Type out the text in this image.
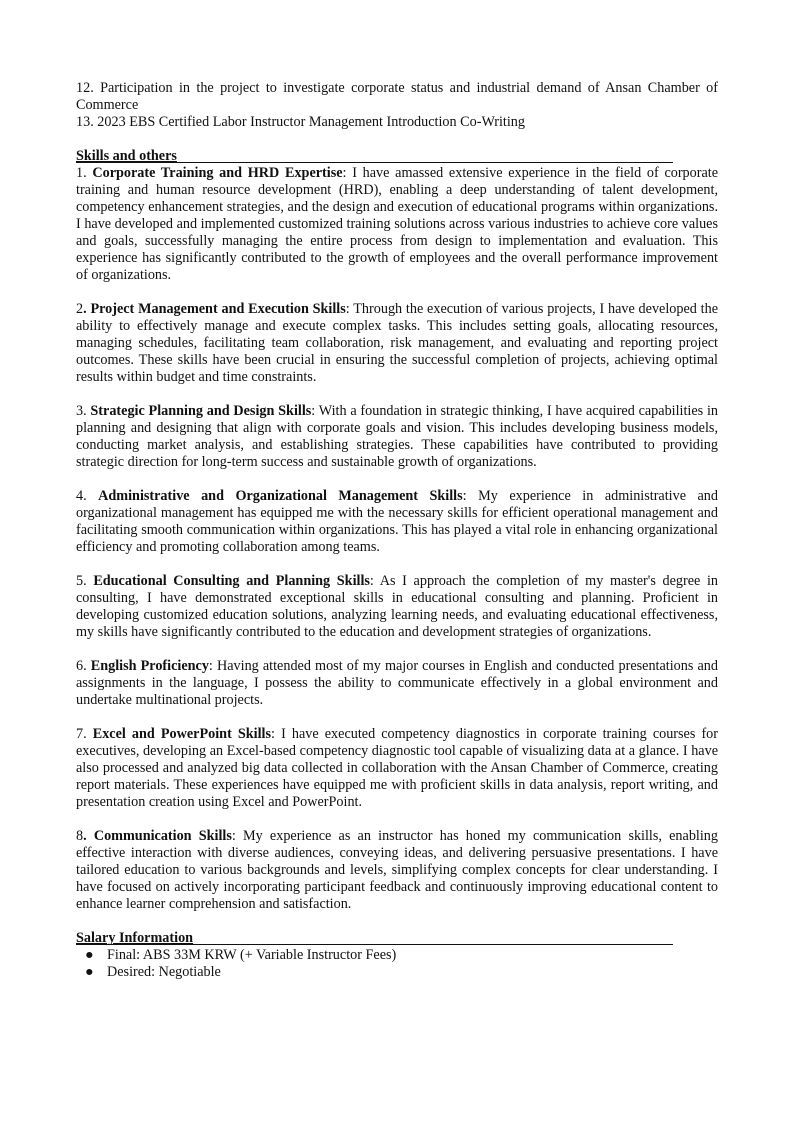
12. Participation in the project to investigate corporate status and industrial demand of Ansan Chamber of Commerce

13. 2023 EBS Certified Labor Instructor Management Introduction Co-Writing

Skills and others

1. Corporate Training and HRD Expertise: I have amassed extensive experience in the field of corporate training and human resource development (HRD), enabling a deep understanding of talent development, competency enhancement strategies, and the design and execution of educational programs within organizations. I have developed and implemented customized training solutions across various industries to achieve core values and goals, successfully managing the entire process from design to implementation and evaluation. This experience has significantly contributed to the growth of employees and the overall performance improvement of organizations.

2. Project Management and Execution Skills: Through the execution of various projects, I have developed the ability to effectively manage and execute complex tasks. This includes setting goals, allocating resources, managing schedules, facilitating team collaboration, risk management, and evaluating and reporting project outcomes. These skills have been crucial in ensuring the successful completion of projects, achieving optimal results within budget and time constraints.

3. Strategic Planning and Design Skills: With a foundation in strategic thinking, I have acquired capabilities in planning and designing that align with corporate goals and vision. This includes developing business models, conducting market analysis, and establishing strategies. These capabilities have contributed to providing strategic direction for long-term success and sustainable growth of organizations.

4. Administrative and Organizational Management Skills: My experience in administrative and organizational management has equipped me with the necessary skills for efficient operational management and facilitating smooth communication within organizations. This has played a vital role in enhancing organizational efficiency and promoting collaboration among teams.

5. Educational Consulting and Planning Skills: As I approach the completion of my master's degree in consulting, I have demonstrated exceptional skills in educational consulting and planning. Proficient in developing customized education solutions, analyzing learning needs, and evaluating educational effectiveness, my skills have significantly contributed to the education and development strategies of organizations.

6. English Proficiency: Having attended most of my major courses in English and conducted presentations and assignments in the language, I possess the ability to communicate effectively in a global environment and undertake multinational projects.

7. Excel and PowerPoint Skills: I have executed competency diagnostics in corporate training courses for executives, developing an Excel-based competency diagnostic tool capable of visualizing data at a glance. I have also processed and analyzed big data collected in collaboration with the Ansan Chamber of Commerce, creating report materials. These experiences have equipped me with proficient skills in data analysis, report writing, and presentation creation using Excel and PowerPoint.

8. Communication Skills: My experience as an instructor has honed my communication skills, enabling effective interaction with diverse audiences, conveying ideas, and delivering persuasive presentations. I have tailored education to various backgrounds and levels, simplifying complex concepts for clear understanding. I have focused on actively incorporating participant feedback and continuously improving educational content to enhance learner comprehension and satisfaction.

Salary Information

● Final: ABS 33M KRW (+ Variable Instructor Fees)
● Desired: Negotiable
